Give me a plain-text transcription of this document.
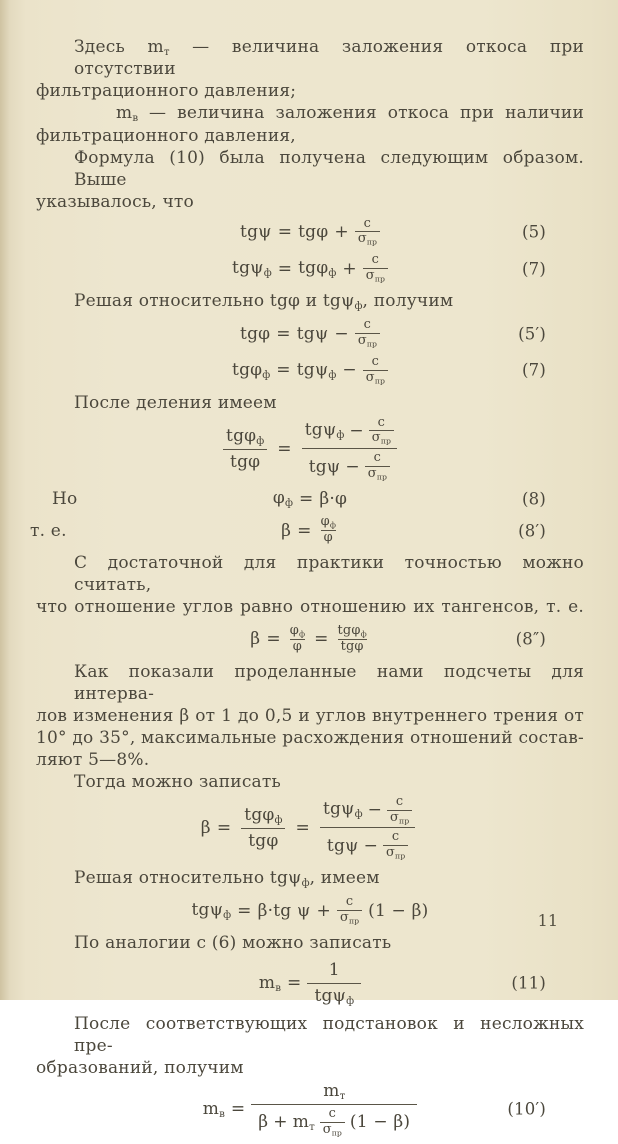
Здесь $m_т$ — величина заложения откоса при отсутствии
фильтрационного давления;
$m_в$ — величина заложения откоса при наличии
фильтрационного давления,
Формула (10) была получена следующим образом. Выше
указывалось, что
tgψ = tgφ + c
$\sigma_{пр}$
(5)
tgψ$_ф$ = tgφ$_ф$ + c
$\sigma_{пр}$
(7)
Решая относительно tgφ и tgψ$_ф$, получим
tgφ = tgψ − c
$\sigma_{пр}$
(5′)
tgφ$_ф$ = tgψ$_ф$ − c
$\sigma_{пр}$
(7)
После деления имеем
tgφ$_ф$
tgφ
=
tgψ$_ф$ − c
$\sigma_{пр}$
tgψ − c
$\sigma_{пр}$
Но	$\varphi_ф = \beta\cdot\varphi$	(8)
т. е.	$\beta = \varphi_ф$
φ	(8′)
С достаточной для практики точностью можно считать,
что отношение углов равно отношению их тангенсов, т. е.
$\beta = \varphi_ф$
φ = tgφ$_ф$
tgφ	(8″)
Как показали проделанные нами подсчеты для интерва-
лов изменения β от 1 до 0,5 и углов внутреннего трения от
10° до 35°, максимальные расхождения отношений состав-
ляют 5—8%.
Тогда можно записать
β =
tgφ$_ф$
tgφ
=
tgψ$_ф$ − c
$\sigma_{пр}$
tgψ − c
$\sigma_{пр}$
Решая относительно tgψ$_ф$, имеем
tgψ$_ф$ = β·tg ψ + c
$\sigma_{пр}$
(1 − β)
По аналогии с (6) можно записать
$m_в$ =
1
tgψ$_ф$
(11)
После соответствующих подстановок и несложных пре-
образований, получим
$m_в$ =
$m_т$
$\beta + m_т$
c
$\sigma_{пр}$
(1 − β)
(10′)
11
